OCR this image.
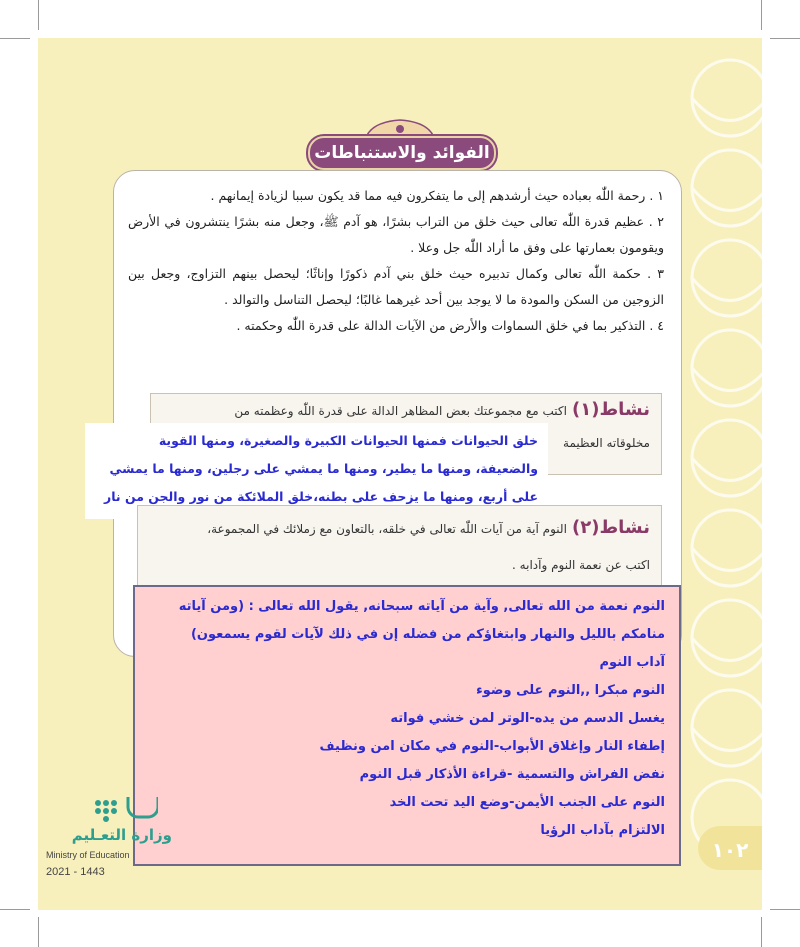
الفوائد والاستنباطات
١ . رحمة اللّٰه بعباده حيث أرشدهم إلى ما يتفكرون فيه مما قد يكون سببا لزيادة إيمانهم .
٢ . عظيم قدرة اللّٰه تعالى حيث خلق من التراب بشرًا، هو آدم ﷺ، وجعل منه بشرًا ينتشرون في الأرض ويقومون بعمارتها على وفق ما أراد اللّٰه جل وعلا .
٣ . حكمة اللّٰه تعالى وكمال تدبيره حيث خلق بني آدم ذكورًا وإناثًا؛ ليحصل بينهم التزاوج، وجعل بين الزوجين من السكن والمودة ما لا يوجد بين أحد غيرهما غالبًا؛ ليحصل التناسل والتوالد .
٤ . التذكير بما في خلق السماوات والأرض من الآيات الدالة على قدرة اللّٰه وحكمته .
نشاط(١) اكتب مع مجموعتك بعض المظاهر الدالة على قدرة اللّٰه وعظمته من
مخلوقاته العظيمة
خلق الحيوانات فمنها الحيوانات الكبيرة والصغيرة، ومنها القوية
والضعيفة، ومنها ما يطير، ومنها ما يمشي على رجلين، ومنها ما يمشي
على أربع، ومنها ما يزحف على بطنه،خلق الملائكة من نور والجن من نار
نشاط(٢) النوم آية من آيات اللّٰه تعالى في خلقه، بالتعاون مع زملائك في المجموعة،
اكتب عن نعمة النوم وآدابه .
النوم نعمة من الله تعالى, وآية من آياته سبحانه, يقول الله تعالى : (ومن آياته
منامكم بالليل والنهار وابتغاؤكم من فضله إن في ذلك لآيات لقوم يسمعون)
آداب النوم
النوم مبكرا ,,النوم على وضوء
يغسل الدسم من يده-الوتر لمن خشي فواته
إطفاء النار وإغلاق الأبواب-النوم في مكان امن ونظيف
نفض الفراش والتسمية -قراءة الأذكار قبل النوم
النوم على الجنب الأيمن-وضع اليد تحت الخد
الالتزام بآداب الرؤيا
وزارة التعـليم
Ministry of Education
2021 - 1443
١٠٢
